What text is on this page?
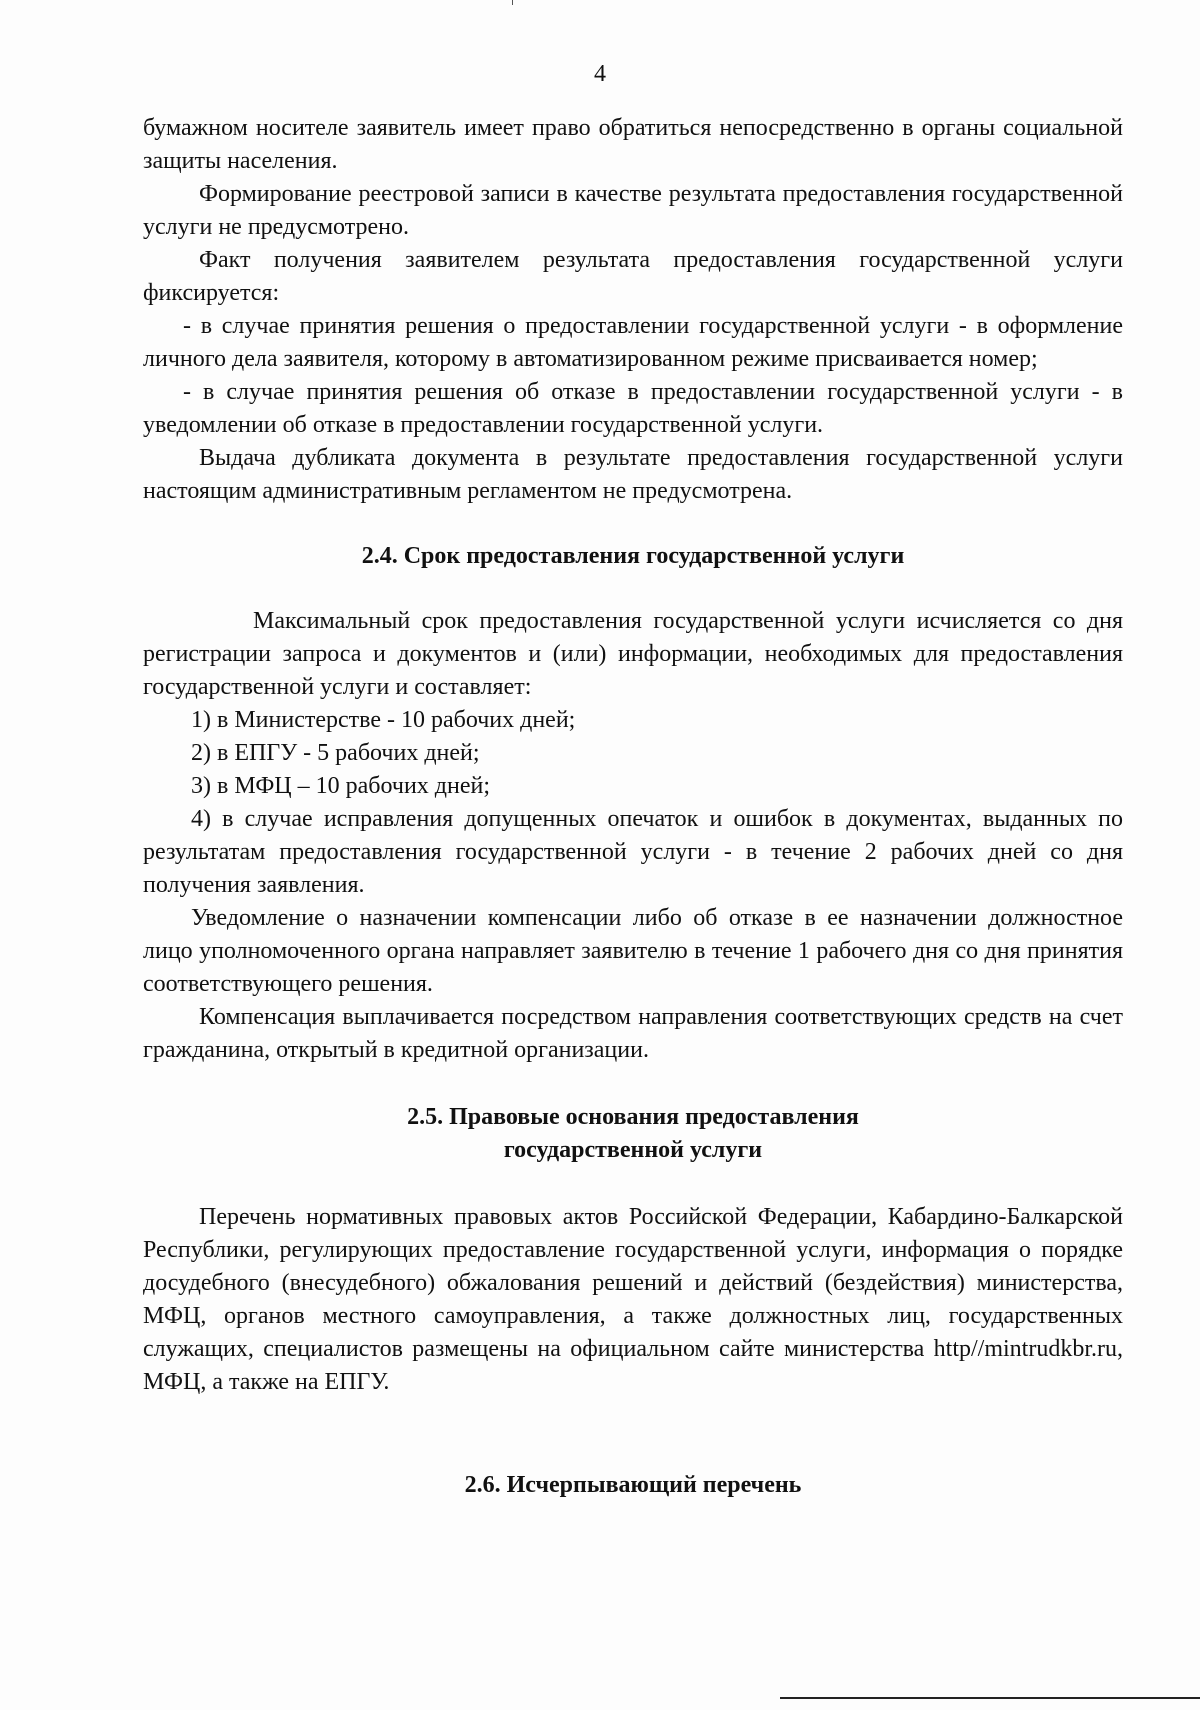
4

бумажном носителе заявитель имеет право обратиться непосредственно в органы социальной защиты населения.

Формирование реестровой записи в качестве результата предоставления государственной услуги не предусмотрено.

Факт получения заявителем результата предоставления государственной услуги фиксируется:

- в случае принятия решения о предоставлении государственной услуги - в оформление личного дела заявителя, которому в автоматизированном режиме присваивается номер;

- в случае принятия решения об отказе в предоставлении государственной услуги - в уведомлении об отказе в предоставлении государственной услуги.

Выдача дубликата документа в результате предоставления государственной услуги настоящим административным регламентом не предусмотрена.

2.4. Срок предоставления государственной услуги

Максимальный срок предоставления государственной услуги исчисляется со дня регистрации запроса и документов и (или) информации, необходимых для предоставления государственной услуги и составляет:

1) в Министерстве - 10 рабочих дней;

2) в ЕПГУ - 5 рабочих дней;

3) в МФЦ – 10 рабочих дней;

4) в случае исправления допущенных опечаток и ошибок в документах, выданных по результатам предоставления государственной услуги - в течение 2 рабочих дней со дня получения заявления.

Уведомление о назначении компенсации либо об отказе в ее назначении должностное лицо уполномоченного органа направляет заявителю в течение 1 рабочего дня со дня принятия соответствующего решения.

Компенсация выплачивается посредством направления соответствующих средств на счет гражданина, открытый в кредитной организации.

2.5. Правовые основания предоставления
государственной услуги

Перечень нормативных правовых актов Российской Федерации, Кабардино-Балкарской Республики, регулирующих предоставление государственной услуги, информация о порядке досудебного (внесудебного) обжалования решений и действий (бездействия) министерства, МФЦ, органов местного самоуправления, а также должностных лиц, государственных служащих, специалистов размещены на официальном сайте министерства http//mintrudkbr.ru, МФЦ, а также на ЕПГУ.

2.6. Исчерпывающий перечень
